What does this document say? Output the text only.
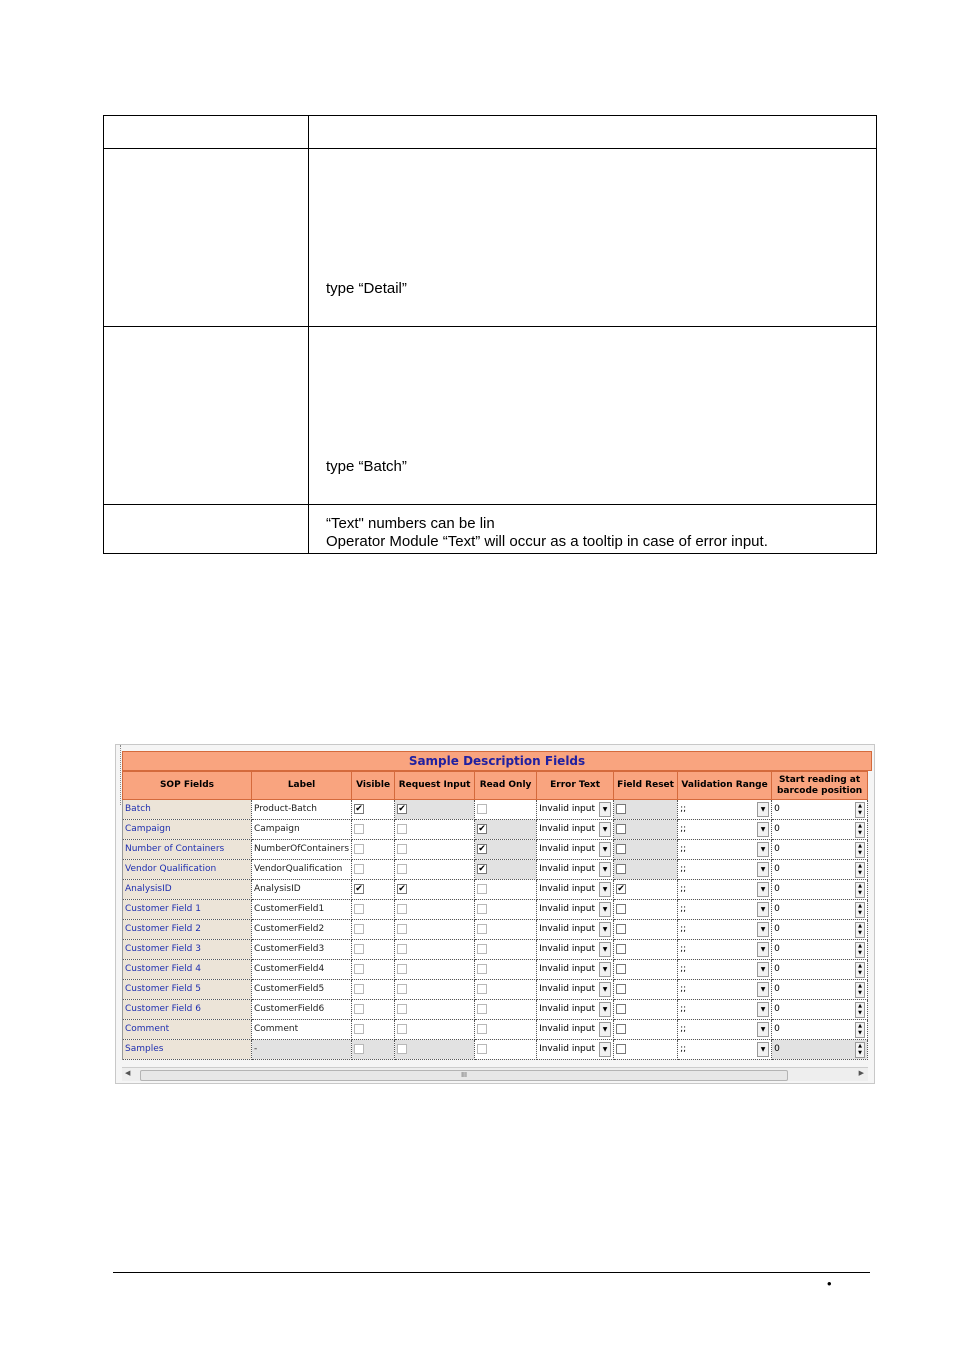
	type “Detail”

	type “Batch”

	“Text" numbers can be lin
Operator Module “Text” will occur as a tooltip in case of error input.
Sample Description Fields
SOP Fields	Label	Visible	Request Input	Read Only	Error Text	Field Reset	Validation Range	Start reading at barcode position
Batch	Product-Batch	✔	✔		Invalid input ▼		;; ▼	0 ▲
▼

Campaign	Campaign			✔	Invalid input ▼		;; ▼	0 ▲
▼

Number of Containers	NumberOfContainers			✔	Invalid input ▼		;; ▼	0 ▲
▼

Vendor Qualification	VendorQualification			✔	Invalid input ▼		;; ▼	0 ▲
▼

AnalysisID	AnalysisID	✔	✔		Invalid input ▼	✔	;; ▼	0 ▲
▼

Customer Field 1	CustomerField1				Invalid input ▼		;; ▼	0 ▲
▼

Customer Field 2	CustomerField2				Invalid input ▼		;; ▼	0 ▲
▼

Customer Field 3	CustomerField3				Invalid input ▼		;; ▼	0 ▲
▼

Customer Field 4	CustomerField4				Invalid input ▼		;; ▼	0 ▲
▼

Customer Field 5	CustomerField5				Invalid input ▼		;; ▼	0 ▲
▼

Customer Field 6	CustomerField6				Invalid input ▼		;; ▼	0 ▲
▼

Comment	Comment				Invalid input ▼		;; ▼	0 ▲
▼

Samples	-				Invalid input ▼		;; ▼	0 ▲
▼
◀	III	▶
•
